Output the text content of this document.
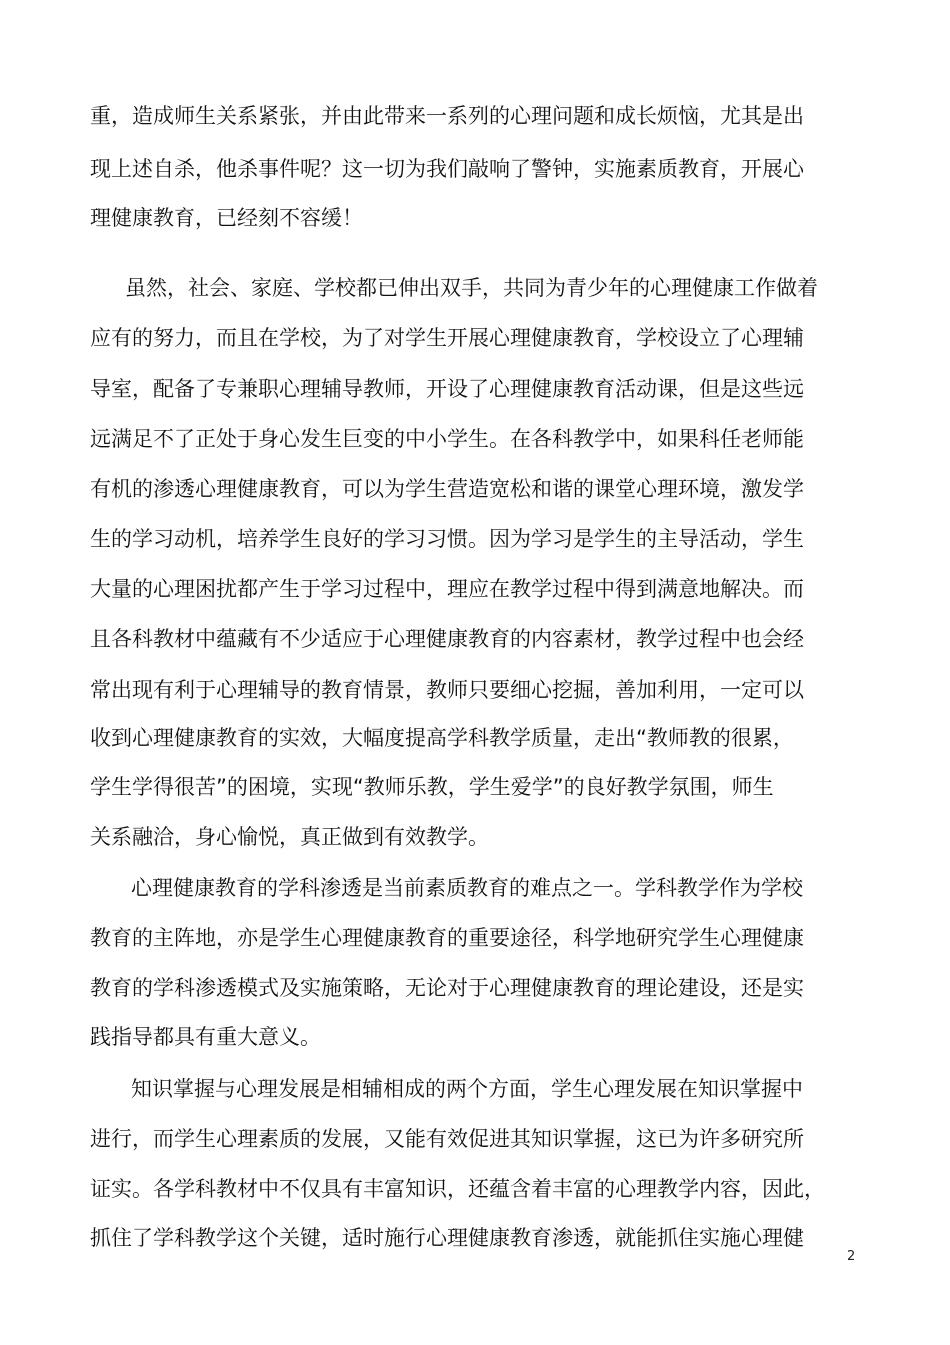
重，造成师生关系紧张，并由此带来一系列的心理问题和成长烦恼，尤其是出
现上述自杀，他杀事件呢？这一切为我们敲响了警钟，实施素质教育，开展心
理健康教育，已经刻不容缓！
虽然，社会、家庭、学校都已伸出双手，共同为青少年的心理健康工作做着
应有的努力，而且在学校，为了对学生开展心理健康教育，学校设立了心理辅
导室，配备了专兼职心理辅导教师，开设了心理健康教育活动课，但是这些远
远满足不了正处于身心发生巨变的中小学生。在各科教学中，如果科任老师能
有机的渗透心理健康教育，可以为学生营造宽松和谐的课堂心理环境，激发学
生的学习动机，培养学生良好的学习习惯。因为学习是学生的主导活动，学生
大量的心理困扰都产生于学习过程中，理应在教学过程中得到满意地解决。而
且各科教材中蕴藏有不少适应于心理健康教育的内容素材，教学过程中也会经
常出现有利于心理辅导的教育情景，教师只要细心挖掘，善加利用，一定可以
收到心理健康教育的实效，大幅度提高学科教学质量，走出“教师教的很累，
学生学得很苦”的困境，实现“教师乐教，学生爱学”的良好教学氛围，师生
关系融洽，身心愉悦，真正做到有效教学。
心理健康教育的学科渗透是当前素质教育的难点之一。学科教学作为学校
教育的主阵地，亦是学生心理健康教育的重要途径，科学地研究学生心理健康
教育的学科渗透模式及实施策略，无论对于心理健康教育的理论建设，还是实
践指导都具有重大意义。
知识掌握与心理发展是相辅相成的两个方面，学生心理发展在知识掌握中
进行，而学生心理素质的发展，又能有效促进其知识掌握，这已为许多研究所
证实。各学科教材中不仅具有丰富知识，还蕴含着丰富的心理教学内容，因此，
抓住了学科教学这个关键，适时施行心理健康教育渗透，就能抓住实施心理健
2
